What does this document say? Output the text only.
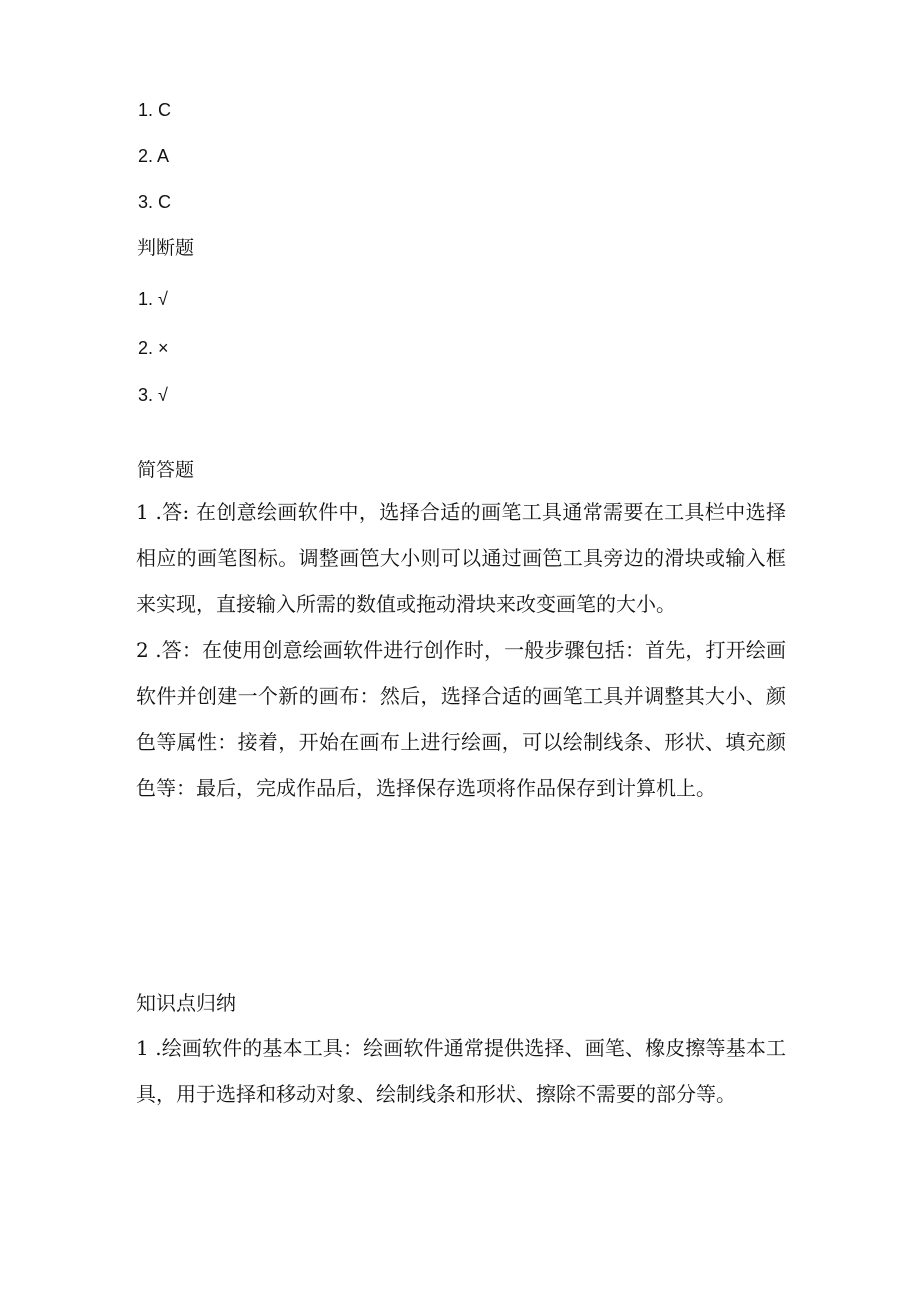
1. C
2. A
3. C
判断题
1. √
2. ×
3. √
简答题

1 .答: 在创意绘画软件中，选择合适的画笔工具通常需要在工具栏中选择相应的画笔图标。调整画笆大小则可以通过画笆工具旁边的滑块或输入框来实现，直接输入所需的数值或拖动滑块来改变画笔的大小。

2 .答：在使用创意绘画软件进行创作时，一般步骤包括：首先，打开绘画软件并创建一个新的画布：然后，选择合适的画笔工具并调整其大小、颜色等属性：接着，开始在画布上进行绘画，可以绘制线条、形状、填充颜色等：最后，完成作品后，选择保存选项将作品保存到计算机上。

知识点归纳

1 .绘画软件的基本工具：绘画软件通常提供选择、画笔、橡皮擦等基本工具，用于选择和移动对象、绘制线条和形状、擦除不需要的部分等。
